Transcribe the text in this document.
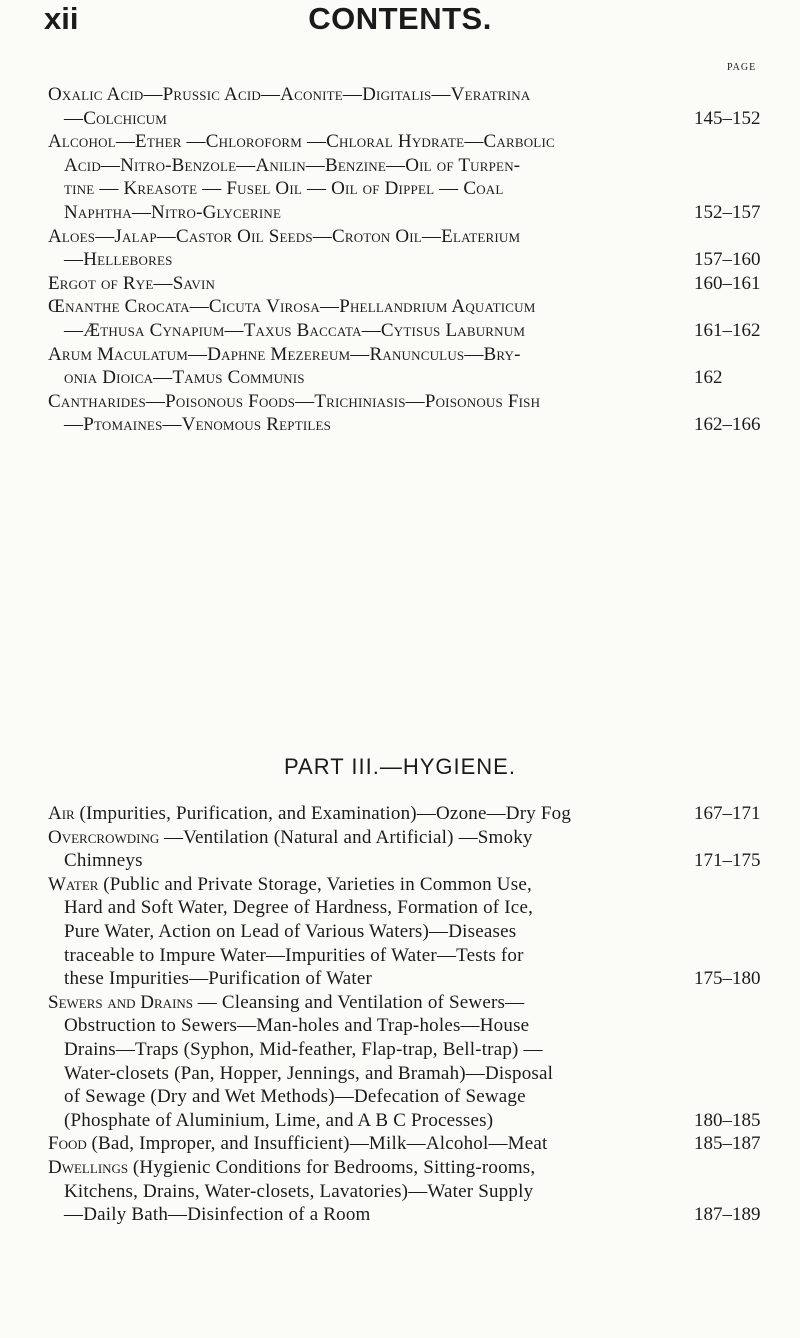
xii	CONTENTS.
PAGE
Oxalic Acid—Prussic Acid—Aconite—Digitalis—Veratrina
—Colchicum	145–152
Alcohol—Ether —Chloroform —Chloral Hydrate—Carbolic
Acid—Nitro-Benzole—Anilin—Benzine—Oil of Turpen-
tine — Kreasote — Fusel Oil — Oil of Dippel — Coal
Naphtha—Nitro-Glycerine	152–157
Aloes—Jalap—Castor Oil Seeds—Croton Oil—Elaterium
—Hellebores	157–160
Ergot of Rye—Savin	160–161
Œnanthe Crocata—Cicuta Virosa—Phellandrium Aquaticum
—Æthusa Cynapium—Taxus Baccata—Cytisus Laburnum	161–162
Arum Maculatum—Daphne Mezereum—Ranunculus—Bry-
onia Dioica—Tamus Communis	162
Cantharides—Poisonous Foods—Trichiniasis—Poisonous Fish
—Ptomaines—Venomous Reptiles	162–166
PART III.—HYGIENE.
Air (Impurities, Purification, and Examination)—Ozone—Dry Fog	167–171
Overcrowding —Ventilation (Natural and Artificial) —Smoky
Chimneys	171–175
Water (Public and Private Storage, Varieties in Common Use,
Hard and Soft Water, Degree of Hardness, Formation of Ice,
Pure Water, Action on Lead of Various Waters)—Diseases
traceable to Impure Water—Impurities of Water—Tests for
these Impurities—Purification of Water	175–180
Sewers and Drains — Cleansing and Ventilation of Sewers—
Obstruction to Sewers—Man-holes and Trap-holes—House
Drains—Traps (Syphon, Mid-feather, Flap-trap, Bell-trap) —
Water-closets (Pan, Hopper, Jennings, and Bramah)—Disposal
of Sewage (Dry and Wet Methods)—Defecation of Sewage
(Phosphate of Aluminium, Lime, and A B C Processes)	180–185
Food (Bad, Improper, and Insufficient)—Milk—Alcohol—Meat	185–187
Dwellings (Hygienic Conditions for Bedrooms, Sitting-rooms,
Kitchens, Drains, Water-closets, Lavatories)—Water Supply
—Daily Bath—Disinfection of a Room	187–189
